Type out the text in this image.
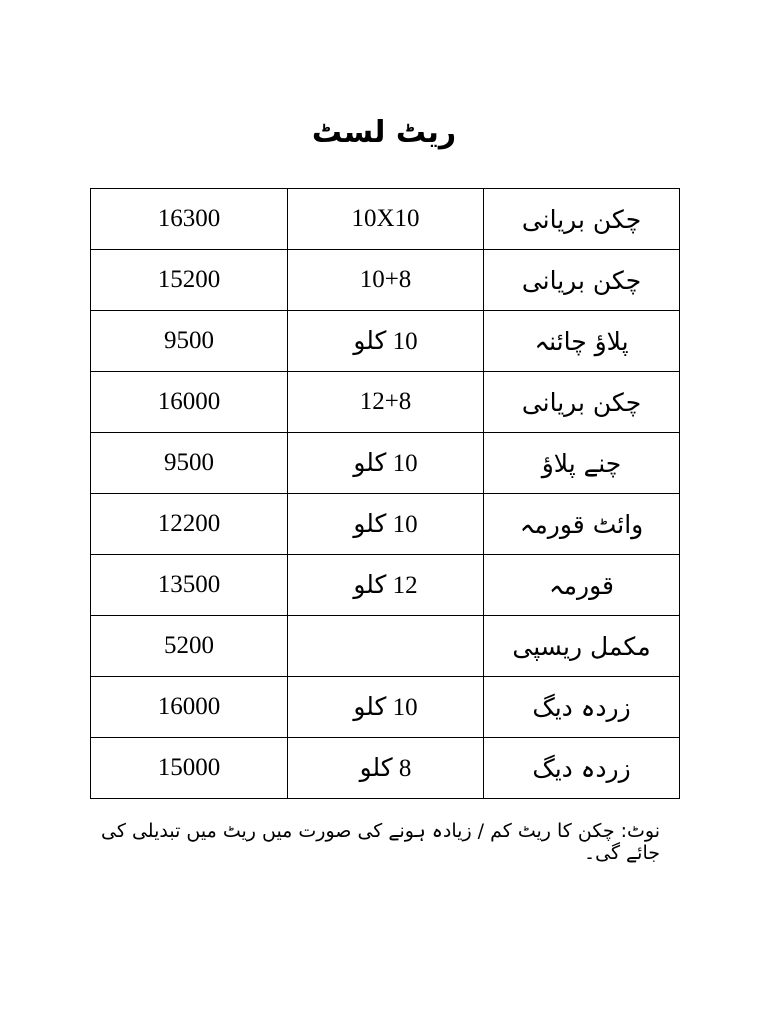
ریٹ لسٹ
16300	10X10	چکن بریانی
15200	10+8	چکن بریانی
9500	10 کلو	پلاؤ چائنہ
16000	12+8	چکن بریانی
9500	10 کلو	چنے پلاؤ
12200	10 کلو	وائٹ قورمہ
13500	12 کلو	قورمہ
5200		مکمل ریسپی
16000	10 کلو	زردہ دیگ
15000	8 کلو	زردہ دیگ
نوٹ: چکن کا ریٹ کم / زیادہ ہونے کی صورت میں ریٹ میں تبدیلی کی جائے گی۔
